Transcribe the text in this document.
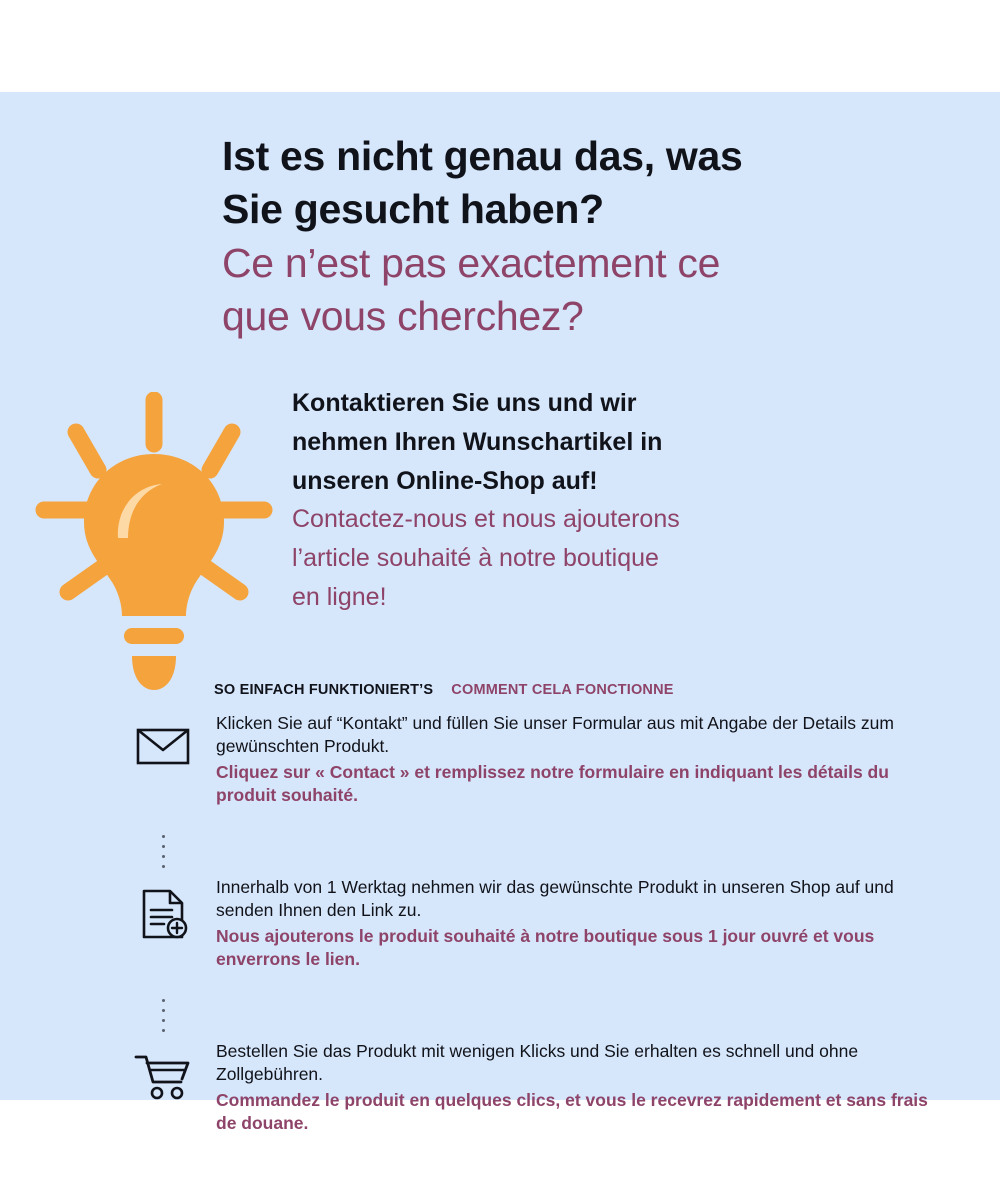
Ist es nicht genau das, was

Sie gesucht haben?

Ce n’est pas exactement ce

que vous cherchez?

Kontaktieren Sie uns und wir

nehmen Ihren Wunschartikel in

unseren Online-Shop auf!

Contactez-nous et nous ajouterons

l’article souhaité à notre boutique

en ligne!

SO EINFACH FUNKTIONIERT’S COMMENT CELA FONCTIONNE

Klicken Sie auf “Kontakt” und füllen Sie unser Formular aus mit Angabe der Details zum gewünschten Produkt.

Cliquez sur « Contact » et remplissez notre formulaire en indiquant les détails du produit souhaité.

Innerhalb von 1 Werktag nehmen wir das gewünschte Produkt in unseren Shop auf und senden Ihnen den Link zu.

Nous ajouterons le produit souhaité à notre boutique sous 1 jour ouvré et vous enverrons le lien.

Bestellen Sie das Produkt mit wenigen Klicks und Sie erhalten es schnell und ohne Zollgebühren.

Commandez le produit en quelques clics, et vous le recevrez rapidement et sans frais de douane.
